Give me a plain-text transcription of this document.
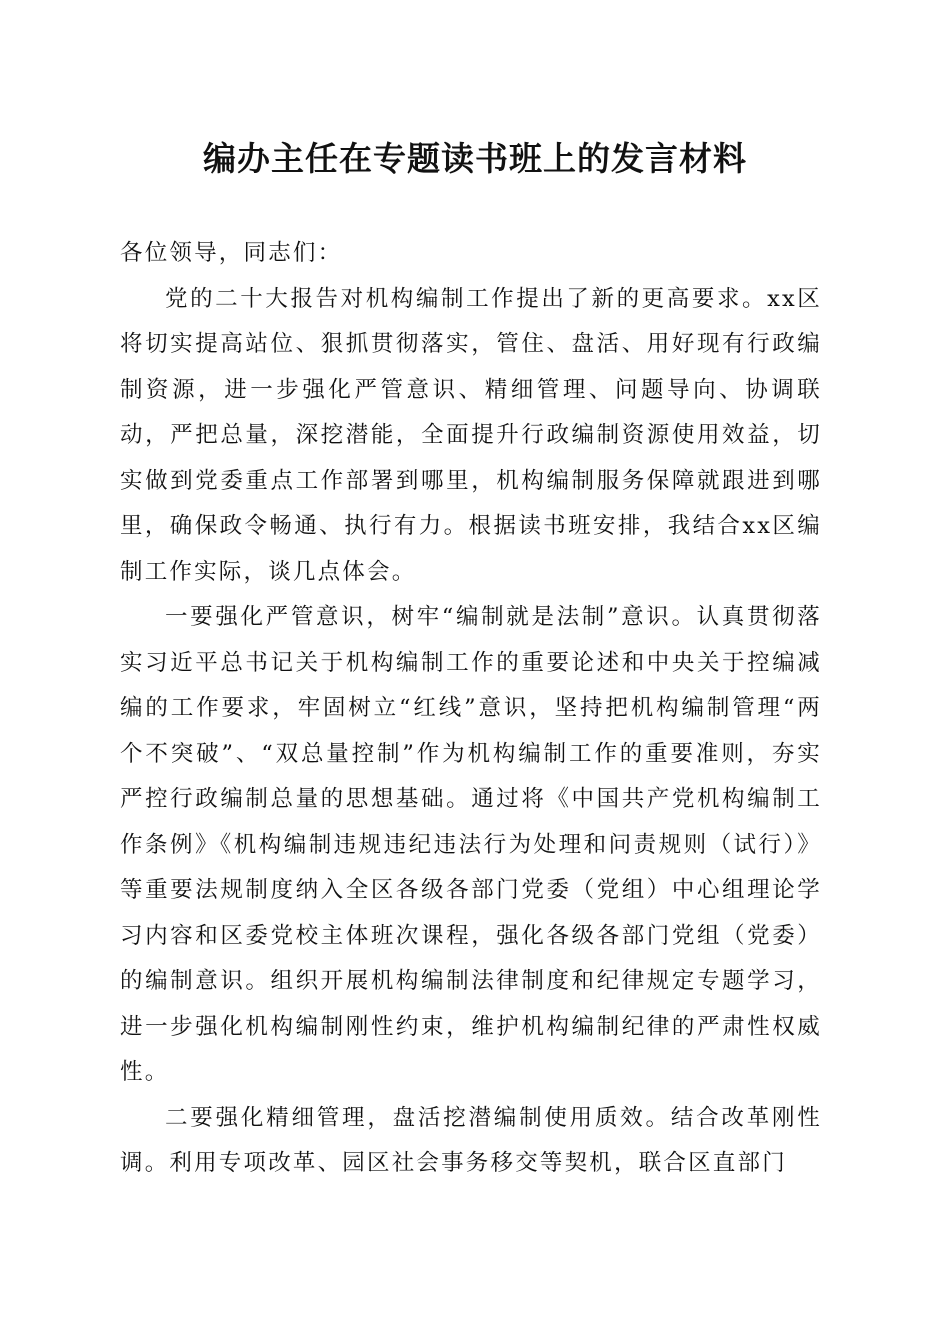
编办主任在专题读书班上的发言材料

各位领导，同志们：

党的二十大报告对机构编制工作提出了新的更高要求。xx区将切实提高站位、狠抓贯彻落实，管住、盘活、用好现有行政编制资源，进一步强化严管意识、精细管理、问题导向、协调联动，严把总量，深挖潜能，全面提升行政编制资源使用效益，切实做到党委重点工作部署到哪里，机构编制服务保障就跟进到哪里，确保政令畅通、执行有力。根据读书班安排，我结合xx区编制工作实际，谈几点体会。

一要强化严管意识，树牢“编制就是法制”意识。认真贯彻落实习近平总书记关于机构编制工作的重要论述和中央关于控编减编的工作要求，牢固树立“红线”意识，坚持把机构编制管理“两个不突破”、“双总量控制”作为机构编制工作的重要准则，夯实严控行政编制总量的思想基础。通过将《中国共产党机构编制工作条例》《机构编制违规违纪违法行为处理和问责规则（试行）》等重要法规制度纳入全区各级各部门党委（党组）中心组理论学习内容和区委党校主体班次课程，强化各级各部门党组（党委）的编制意识。组织开展机构编制法律制度和纪律规定专题学习，进一步强化机构编制刚性约束，维护机构编制纪律的严肃性权威性。

二要强化精细管理，盘活挖潜编制使用质效。结合改革刚性调。利用专项改革、园区社会事务移交等契机，联合区直部门
